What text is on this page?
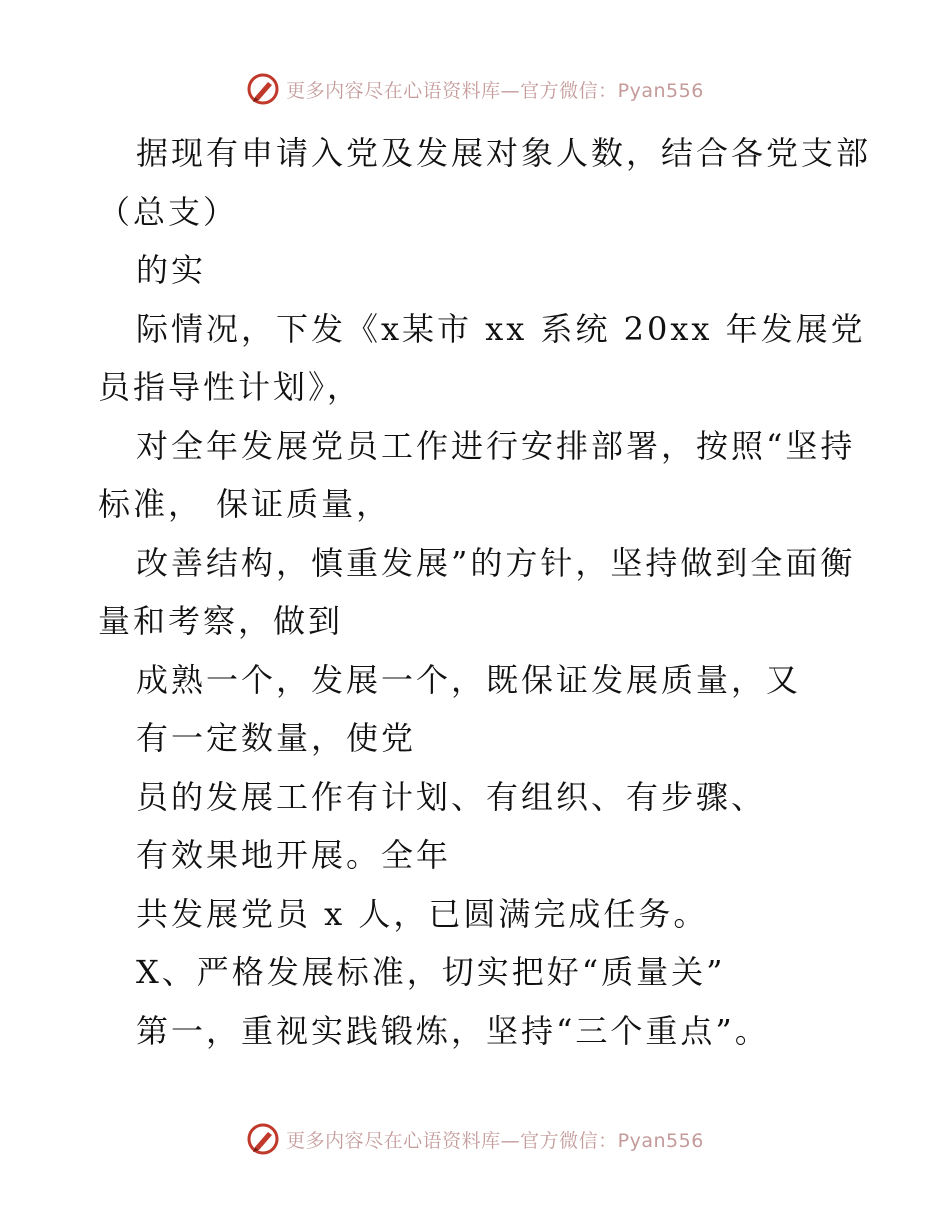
更多内容尽在心语资料库—官方微信：Pyan556
据现有申请入党及发展对象人数，结合各党支部
（总支）
的实
际情况，下发《x某市 xx 系统 20xx 年发展党
员指导性计划》，
对全年发展党员工作进行安排部署，按照“坚持
标准， 保证质量，
改善结构，慎重发展”的方针，坚持做到全面衡
量和考察，做到
成熟一个，发展一个，既保证发展质量，又
有一定数量，使党
员的发展工作有计划、有组织、有步骤、
有效果地开展。全年
共发展党员 x 人，已圆满完成任务。
X、严格发展标准，切实把好“质量关”
第一，重视实践锻炼，坚持“三个重点”。
更多内容尽在心语资料库—官方微信：Pyan556
